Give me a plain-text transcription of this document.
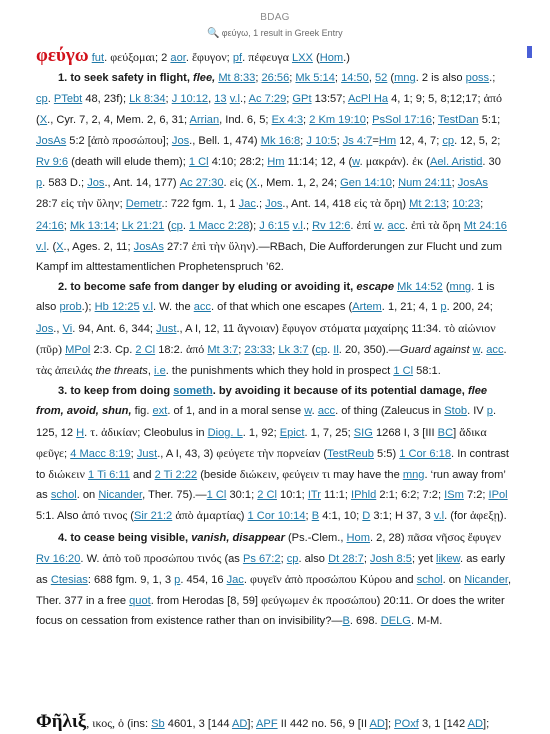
BDAG
🔍 φεύγω, 1 result in Greek Entry

φεύγω fut. φεύξομαι; 2 aor. ἔφυγον; pf. πέφευγα LXX (Hom.)

1. to seek safety in flight, flee, Mt 8:33; 26:56; Mk 5:14; 14:50, 52 (mng. 2 is also poss.; cp. PTebt 48, 23f); Lk 8:34; J 10:12, 13 v.l.; Ac 7:29; GPt 13:57; AcPl Ha 4, 1; 9; 5, 8;12;17; ἀπό (X., Cyr. 7, 2, 4, Mem. 2, 6, 31; Arrian, Ind. 6, 5; Ex 4:3; 2 Km 19:10; PsSol 17:16; TestDan 5:1; JosAs 5:2 [ἀπὸ προσώπου]; Jos., Bell. 1, 474) Mk 16:8; J 10:5; Js 4:7=Hm 12, 4, 7; cp. 12, 5, 2; Rv 9:6 (death will elude them); 1 Cl 4:10; 28:2; Hm 11:14; 12, 4 (w. μακράν). ἐκ (Ael. Aristid. 30 p. 583 D.; Jos., Ant. 14, 177) Ac 27:30. εἰς (X., Mem. 1, 2, 24; Gen 14:10; Num 24:11; JosAs 28:7 εἰς τὴν ὕλην; Demetr.: 722 fgm. 1, 1 Jac.; Jos., Ant. 14, 418 εἰς τὰ ὄρη) Mt 2:13; 10:23; 24:16; Mk 13:14; Lk 21:21 (cp. 1 Macc 2:28); J 6:15 v.l.; Rv 12:6. ἐπί w. acc. ἐπὶ τὰ ὄρη Mt 24:16 v.l. (X., Ages. 2, 11; JosAs 27:7 ἐπὶ τὴν ὕλην).—RBach, Die Aufforderungen zur Flucht und zum Kampf im alttestamentlichen Prophetenspruch ’62.

2. to become safe from danger by eluding or avoiding it, escape Mk 14:52 (mng. 1 is also prob.); Hb 12:25 v.l. W. the acc. of that which one escapes (Artem. 1, 21; 4, 1 p. 200, 24; Jos., Vi. 94, Ant. 6, 344; Just., A I, 12, 11 ἄγνοιαν) ἔφυγον στόματα μαχαίρης 11:34. τὸ αἰώνιον (πῦρ) MPol 2:3. Cp. 2 Cl 18:2. ἀπό Mt 3:7; 23:33; Lk 3:7 (cp. Il. 20, 350).—Guard against w. acc. τὰς ἀπειλάς the threats, i.e. the punishments which they hold in prospect 1 Cl 58:1.

3. to keep from doing someth. by avoiding it because of its potential damage, flee from, avoid, shun, fig. ext. of 1, and in a moral sense w. acc. of thing (Zaleucus in Stob. IV p. 125, 12 H. τ. ἀδικίαν; Cleobulus in Diog. L. 1, 92; Epict. 1, 7, 25; SIG 1268 I, 3 [III BC] ἄδικα φεῦγε; 4 Macc 8:19; Just., A I, 43, 3) φεύγετε τὴν πορνείαν (TestReub 5:5) 1 Cor 6:18. In contrast to διώκειν 1 Ti 6:11 and 2 Ti 2:22 (beside διώκειν, φεύγειν τι may have the mng. ‘run away from’ as schol. on Nicander, Ther. 75).—1 Cl 30:1; 2 Cl 10:1; ITr 11:1; IPhld 2:1; 6:2; 7:2; ISm 7:2; IPol 5:1. Also ἀπό τινος (Sir 21:2 ἀπὸ ἁμαρτίας) 1 Cor 10:14; B 4:1, 10; D 3:1; H 37, 3 v.l. (for ἀφεξῃ).

4. to cease being visible, vanish, disappear (Ps.-Clem., Hom. 2, 28) πᾶσα νῆσος ἔφυγεν Rv 16:20. W. ἀπὸ τοῦ προσώπου τινός (as Ps 67:2; cp. also Dt 28:7; Josh 8:5; yet likew. as early as Ctesias: 688 fgm. 9, 1, 3 p. 454, 16 Jac. φυγεῖν ἀπὸ προσώπου Κύρου and schol. on Nicander, Ther. 377 in a free quot. from Herodas [8, 59] φεύγωμεν ἐκ προσώπου) 20:11. Or does the writer focus on cessation from existence rather than on invisibility?—B. 698. DELG. M-M.

Φῆλιξ, ικος, ὁ (ins: Sb 4601, 3 [144 AD]; APF II 442 no. 56, 9 [II AD]; POxf 3, 1 [142 AD];
